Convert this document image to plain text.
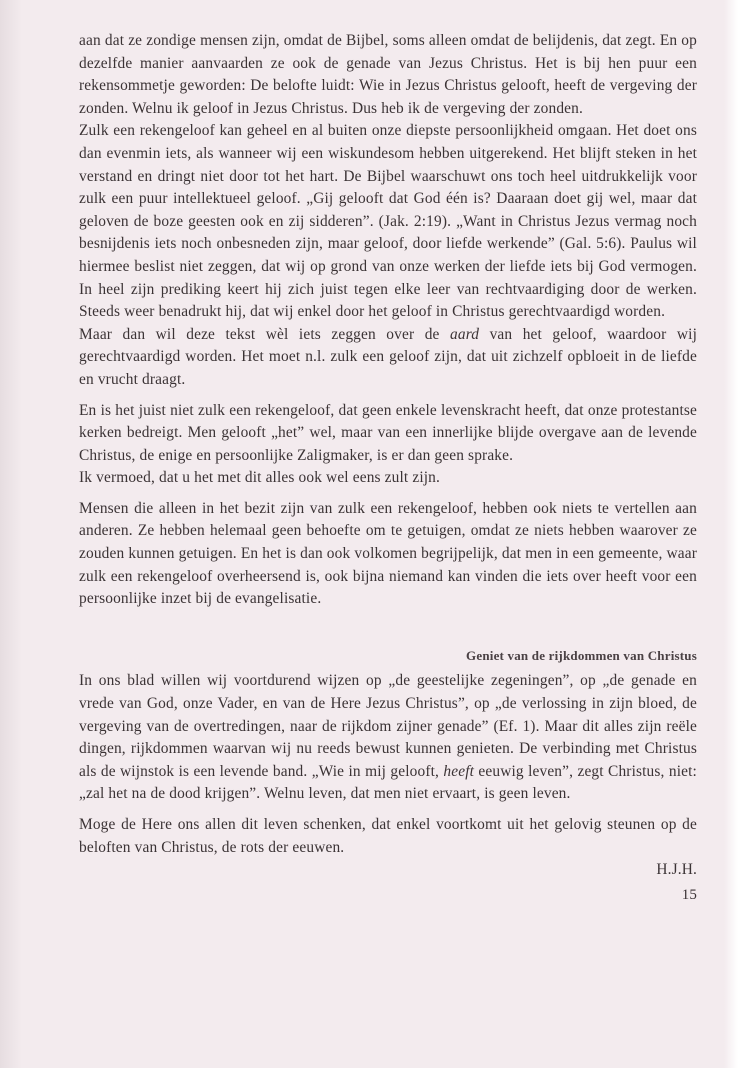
aan dat ze zondige mensen zijn, omdat de Bijbel, soms alleen omdat de belijdenis, dat zegt. En op dezelfde manier aanvaarden ze ook de genade van Jezus Christus. Het is bij hen puur een rekensommetje geworden: De belofte luidt: Wie in Jezus Christus gelooft, heeft de vergeving der zonden. Welnu ik geloof in Jezus Christus. Dus heb ik de vergeving der zonden.

Zulk een rekengeloof kan geheel en al buiten onze diepste persoonlijkheid omgaan. Het doet ons dan evenmin iets, als wanneer wij een wiskundesom hebben uitgerekend. Het blijft steken in het verstand en dringt niet door tot het hart. De Bijbel waarschuwt ons toch heel uitdrukkelijk voor zulk een puur intellektueel geloof. „Gij gelooft dat God één is? Daaraan doet gij wel, maar dat geloven de boze geesten ook en zij sidderen”. (Jak. 2:19). „Want in Christus Jezus vermag noch besnijdenis iets noch onbesneden zijn, maar geloof, door liefde werkende” (Gal. 5:6). Paulus wil hiermee beslist niet zeggen, dat wij op grond van onze werken der liefde iets bij God vermogen. In heel zijn prediking keert hij zich juist tegen elke leer van rechtvaardiging door de werken. Steeds weer benadrukt hij, dat wij enkel door het geloof in Christus gerechtvaardigd worden.

Maar dan wil deze tekst wèl iets zeggen over de aard van het geloof, waardoor wij gerechtvaardigd worden. Het moet n.l. zulk een geloof zijn, dat uit zichzelf opbloeit in de liefde en vrucht draagt.

En is het juist niet zulk een rekengeloof, dat geen enkele levenskracht heeft, dat onze protestantse kerken bedreigt. Men gelooft „het” wel, maar van een innerlijke blijde overgave aan de levende Christus, de enige en persoonlijke Zaligmaker, is er dan geen sprake.

Ik vermoed, dat u het met dit alles ook wel eens zult zijn.

Mensen die alleen in het bezit zijn van zulk een rekengeloof, hebben ook niets te vertellen aan anderen. Ze hebben helemaal geen behoefte om te getuigen, omdat ze niets hebben waarover ze zouden kunnen getuigen. En het is dan ook volkomen begrijpelijk, dat men in een gemeente, waar zulk een rekengeloof overheersend is, ook bijna niemand kan vinden die iets over heeft voor een persoonlijke inzet bij de evangelisatie.

Geniet van de rijkdommen van Christus

In ons blad willen wij voortdurend wijzen op „de geestelijke zegeningen”, op „de genade en vrede van God, onze Vader, en van de Here Jezus Christus”, op „de verlossing in zijn bloed, de vergeving van de overtredingen, naar de rijkdom zijner genade” (Ef. 1). Maar dit alles zijn reële dingen, rijkdommen waarvan wij nu reeds bewust kunnen genieten. De verbinding met Christus als de wijnstok is een levende band. „Wie in mij gelooft, heeft eeuwig leven”, zegt Christus, niet: „zal het na de dood krijgen”. Welnu leven, dat men niet ervaart, is geen leven.

Moge de Here ons allen dit leven schenken, dat enkel voortkomt uit het gelovig steunen op de beloften van Christus, de rots der eeuwen.

H.J.H.

15
